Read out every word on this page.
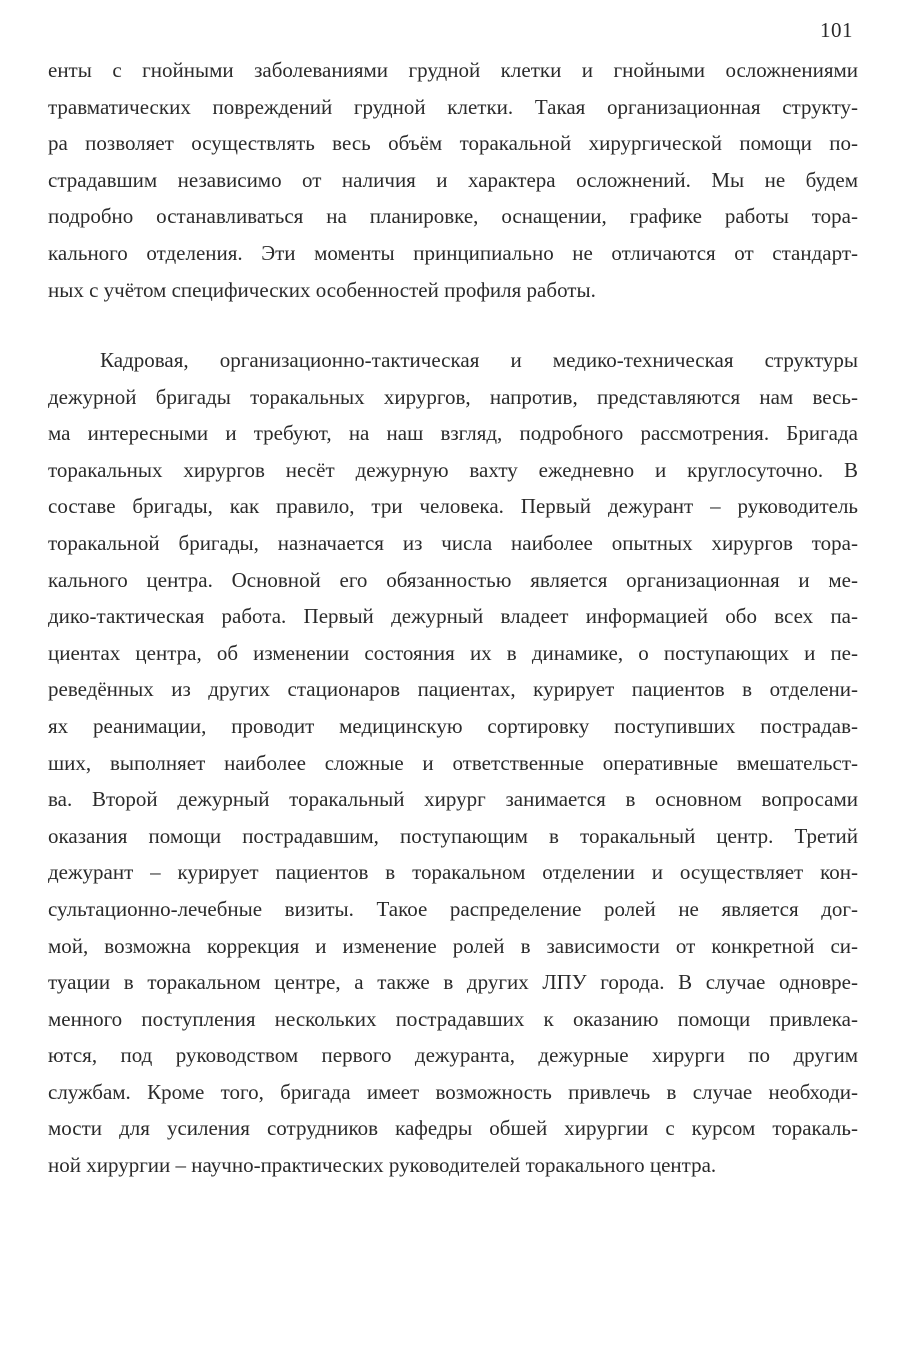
101
енты с гнойными заболеваниями грудной клетки и гнойными осложнениями
травматических повреждений грудной клетки. Такая организационная структу-
ра позволяет осуществлять весь объём торакальной хирургической помощи по-
страдавшим независимо от наличия и характера осложнений. Мы не будем
подробно останавливаться на планировке, оснащении, графике работы тора-
кального отделения. Эти моменты принципиально не отличаются от стандарт-
ных с учётом специфических особенностей профиля работы.
Кадровая, организационно-тактическая и медико-техническая структуры
дежурной бригады торакальных хирургов, напротив, представляются нам весь-
ма интересными и требуют, на наш взгляд, подробного рассмотрения. Бригада
торакальных хирургов несёт дежурную вахту ежедневно и круглосуточно. В
составе бригады, как правило, три человека. Первый дежурант – руководитель
торакальной бригады, назначается из числа наиболее опытных хирургов тора-
кального центра. Основной его обязанностью является организационная и ме-
дико-тактическая работа. Первый дежурный владеет информацией обо всех па-
циентах центра, об изменении состояния их в динамике, о поступающих и пе-
реведённых из других стационаров пациентах, курирует пациентов в отделени-
ях реанимации, проводит медицинскую сортировку поступивших пострадав-
ших, выполняет наиболее сложные и ответственные оперативные вмешательст-
ва. Второй дежурный торакальный хирург занимается в основном вопросами
оказания помощи пострадавшим, поступающим в торакальный центр. Третий
дежурант – курирует пациентов в торакальном отделении и осуществляет кон-
сультационно-лечебные визиты. Такое распределение ролей не является дог-
мой, возможна коррекция и изменение ролей в зависимости от конкретной си-
туации в торакальном центре, а также в других ЛПУ города. В случае одновре-
менного поступления нескольких пострадавших к оказанию помощи привлека-
ются, под руководством первого дежуранта, дежурные хирурги по другим
службам. Кроме того, бригада имеет возможность привлечь в случае необходи-
мости для усиления сотрудников кафедры обшей хирургии с курсом торакаль-
ной хирургии – научно-практических руководителей торакального центра.
